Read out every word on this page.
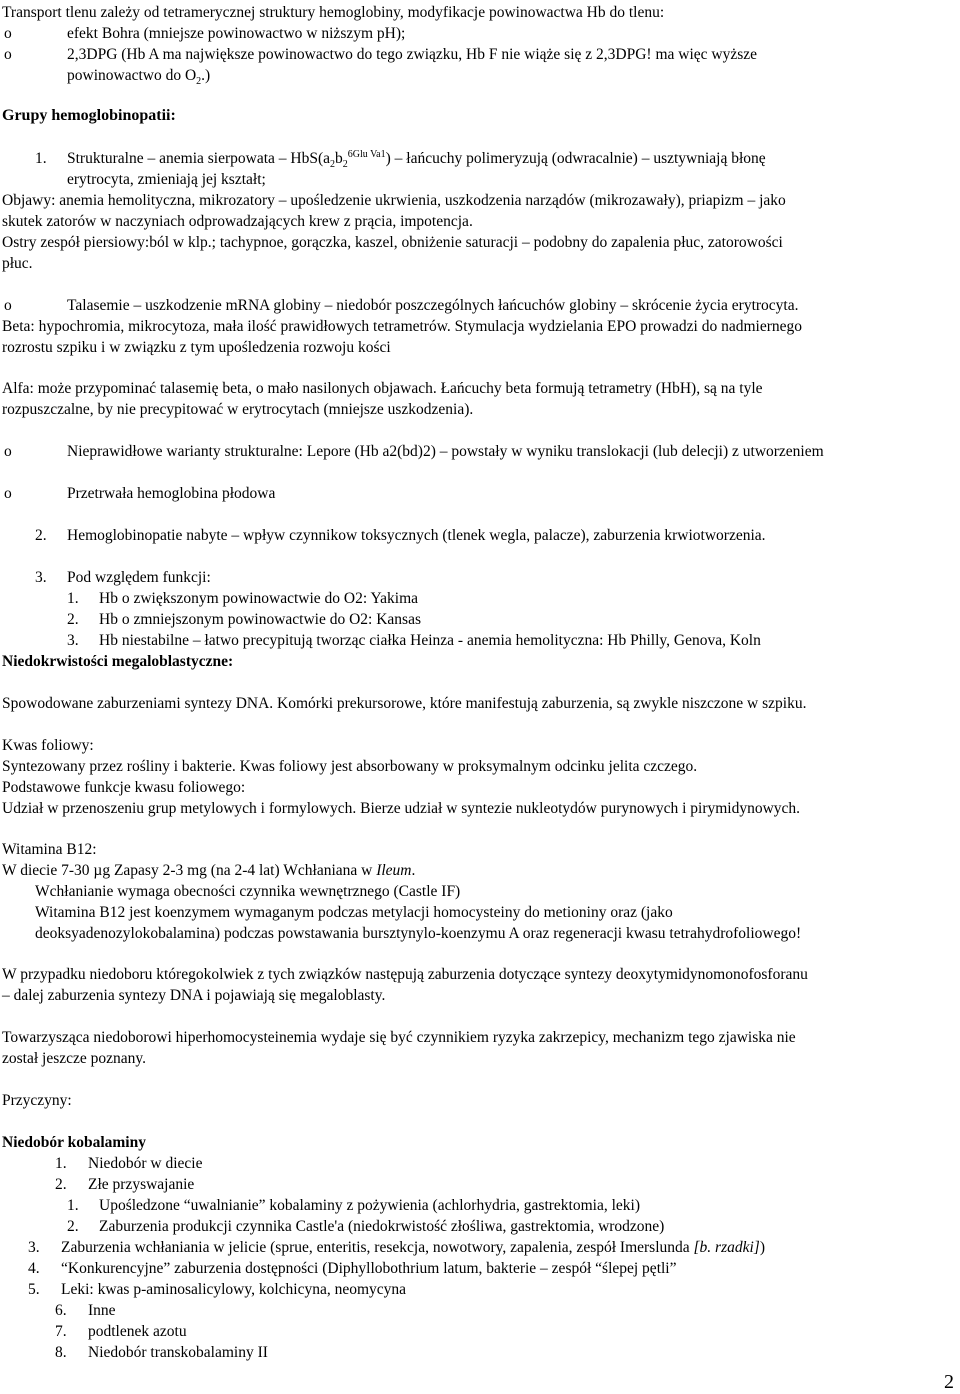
Transport tlenu zależy od tetramerycznej struktury hemoglobiny, modyfikacje powinowactwa Hb do tlenu:
o	efekt Bohra (mniejsze powinowactwo w niższym pH);
o	2,3DPG (Hb A ma największe powinowactwo do tego związku, Hb F nie wiąże się z 2,3DPG! ma więc wyższe
powinowactwo do $O_2$.)
Grupy hemoglobinopatii:
1. Strukturalne – anemia sierpowata – $HbS(a_2b_2^{6Glu Va1})$ – łańcuchy polimeryzują (odwracalnie) – usztywniają błonę
erytrocyta, zmieniają jej kształt;
Objawy: anemia hemolityczna, mikrozatory – upośledzenie ukrwienia, uszkodzenia narządów (mikrozawały), priapizm – jako
skutek zatorów w naczyniach odprowadzających krew z prącia, impotencja.
Ostry zespół piersiowy:ból w klp.; tachypnoe, gorączka, kaszel, obniżenie saturacji – podobny do zapalenia płuc, zatorowości
płuc.
o	Talasemie – uszkodzenie mRNA globiny – niedobór poszczególnych łańcuchów globiny – skrócenie życia erytrocyta.
Beta: hypochromia, mikrocytoza, mała ilość prawidłowych tetrametrów. Stymulacja wydzielania EPO prowadzi do nadmiernego
rozrostu szpiku i w związku z tym upośledzenia rozwoju kości
Alfa: może przypominać talasemię beta, o mało nasilonych objawach. Łańcuchy beta formują tetrametry (HbH), są na tyle
rozpuszczalne, by nie precypitować w erytrocytach (mniejsze uszkodzenia).
o	Nieprawidłowe warianty strukturalne: Lepore (Hb a2(bd)2) – powstały w wyniku translokacji (lub delecji) z utworzeniem
o	Przetrwała hemoglobina płodowa
2. Hemoglobinopatie nabyte – wpływ czynnikow toksycznych (tlenek wegla, palacze), zaburzenia krwiotworzenia.
3. Pod względem funkcji:
1. Hb o zwiększonym powinowactwie do O2: Yakima
2. Hb o zmniejszonym powinowactwie do O2: Kansas
3. Hb niestabilne – łatwo precypitują tworząc ciałka Heinza - anemia hemolityczna: Hb Philly, Genova, Koln
Niedokrwistości megaloblastyczne:
Spowodowane zaburzeniami syntezy DNA. Komórki prekursorowe, które manifestują zaburzenia, są zwykle niszczone w szpiku.
Kwas foliowy:
Syntezowany przez rośliny i bakterie. Kwas foliowy jest absorbowany w proksymalnym odcinku jelita czczego.
Podstawowe funkcje kwasu foliowego:
Udział w przenoszeniu grup metylowych i formylowych. Bierze udział w syntezie nukleotydów purynowych i pirymidynowych.
Witamina B12:
W diecie 7-30 µg Zapasy 2-3 mg (na 2-4 lat) Wchłaniana w Ileum.
Wchłanianie wymaga obecności czynnika wewnętrznego (Castle IF)
Witamina B12 jest koenzymem wymaganym podczas metylacji homocysteiny do metioniny oraz (jako
deoksyadenozylokobalamina) podczas powstawania bursztynylo-koenzymu A oraz regeneracji kwasu tetrahydrofoliowego!
W przypadku niedoboru któregokolwiek z tych związków następują zaburzenia dotyczące syntezy deoxytymidynomonofosforanu
– dalej zaburzenia syntezy DNA i pojawiają się megaloblasty.
Towarzysząca niedoborowi hiperhomocysteinemia wydaje się być czynnikiem ryzyka zakrzepicy, mechanizm tego zjawiska nie
został jeszcze poznany.
Przyczyny:
Niedobór kobalaminy
1. Niedobór w diecie
2. Złe przyswajanie
1. Upośledzone “uwalnianie” kobalaminy z pożywienia (achlorhydria, gastrektomia, leki)
2. Zaburzenia produkcji czynnika Castle'a (niedokrwistość złośliwa, gastrektomia, wrodzone)
3. Zaburzenia wchłaniania w jelicie (sprue, enteritis, resekcja, nowotwory, zapalenia, zespół Imerslunda [b. rzadki])
4. “Konkurencyjne” zaburzenia dostępności (Diphyllobothrium latum, bakterie – zespół “ślepej pętli”
5. Leki: kwas p-aminosalicylowy, kolchicyna, neomycyna
6. Inne
7. podtlenek azotu
8. Niedobór transkobalaminy II
2
